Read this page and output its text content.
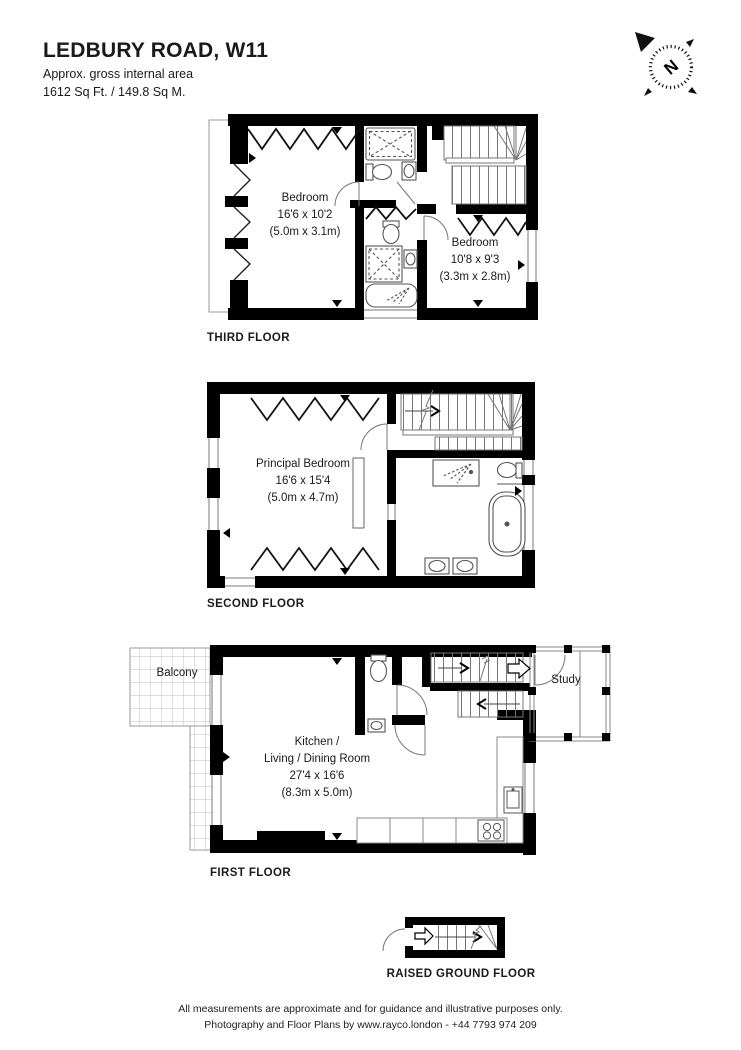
LEDBURY ROAD, W11
Approx. gross internal area
1612 Sq Ft. / 149.8 Sq M.
N
Bedroom
16'6 x 10'2
(5.0m x 3.1m)
Bedroom
10'8 x 9'3
(3.3m x 2.8m)
THIRD FLOOR
Principal Bedroom
16'6 x 15'4
(5.0m x 4.7m)
SECOND FLOOR
Balcony
Study
Kitchen /
Living / Dining Room
27'4 x 16'6
(8.3m x 5.0m)
FIRST FLOOR
RAISED GROUND FLOOR
All measurements are approximate and for guidance and illustrative purposes only.
Photography and Floor Plans by www.rayco.london - +44 7793 974 209
